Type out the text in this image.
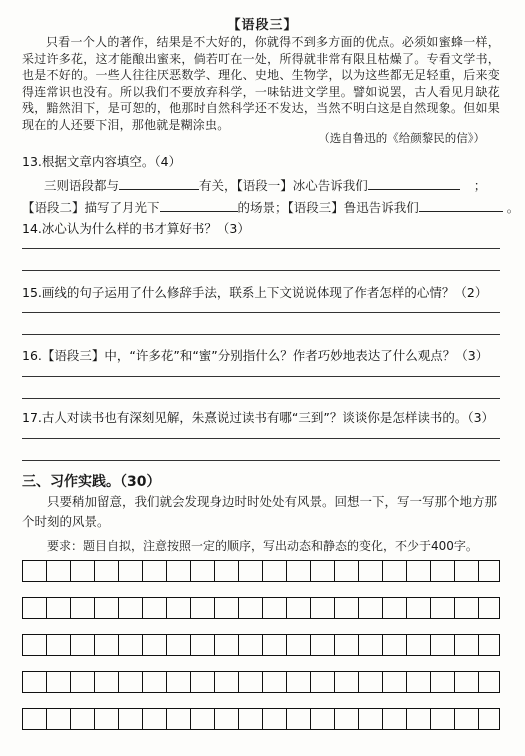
【语段三】
只看一个人的著作，结果是不大好的，你就得不到多方面的优点。必须如蜜蜂一样，采过许多花，这才能酿出蜜来，倘若叮在一处，所得就非常有限且枯燥了。专看文学书，也是不好的。一些人往往厌恶数学、理化、史地、生物学，以为这些都无足轻重，后来变得连常识也没有。所以我们不要放弃科学，一味钻进文学里。譬如说罢，古人看见月缺花残，黯然泪下，是可恕的，他那时自然科学还不发达，当然不明白这是自然现象。但如果现在的人还要下泪，那他就是糊涂虫。
（选自鲁迅的《给颜黎民的信》）
13.根据文章内容填空。（4）
三则语段都与	有关，【语段一】冰心告诉我们	；
【语段二】描写了月光下	的场景；【语段三】鲁迅告诉我们	。
14.冰心认为什么样的书才算好书？（3）
15.画线的句子运用了什么修辞手法，联系上下文说说体现了作者怎样的心情？（2）
16.【语段三】中，“许多花”和“蜜”分别指什么？作者巧妙地表达了什么观点？（3）
17.古人对读书也有深刻见解，朱熹说过读书有哪“三到”？谈谈你是怎样读书的。（3）
三、习作实践。（30）
只要稍加留意，我们就会发现身边时时处处有风景。回想一下，写一写那个地方那个时刻的风景。
要求：题目自拟，注意按照一定的顺序，写出动态和静态的变化，不少于400字。
